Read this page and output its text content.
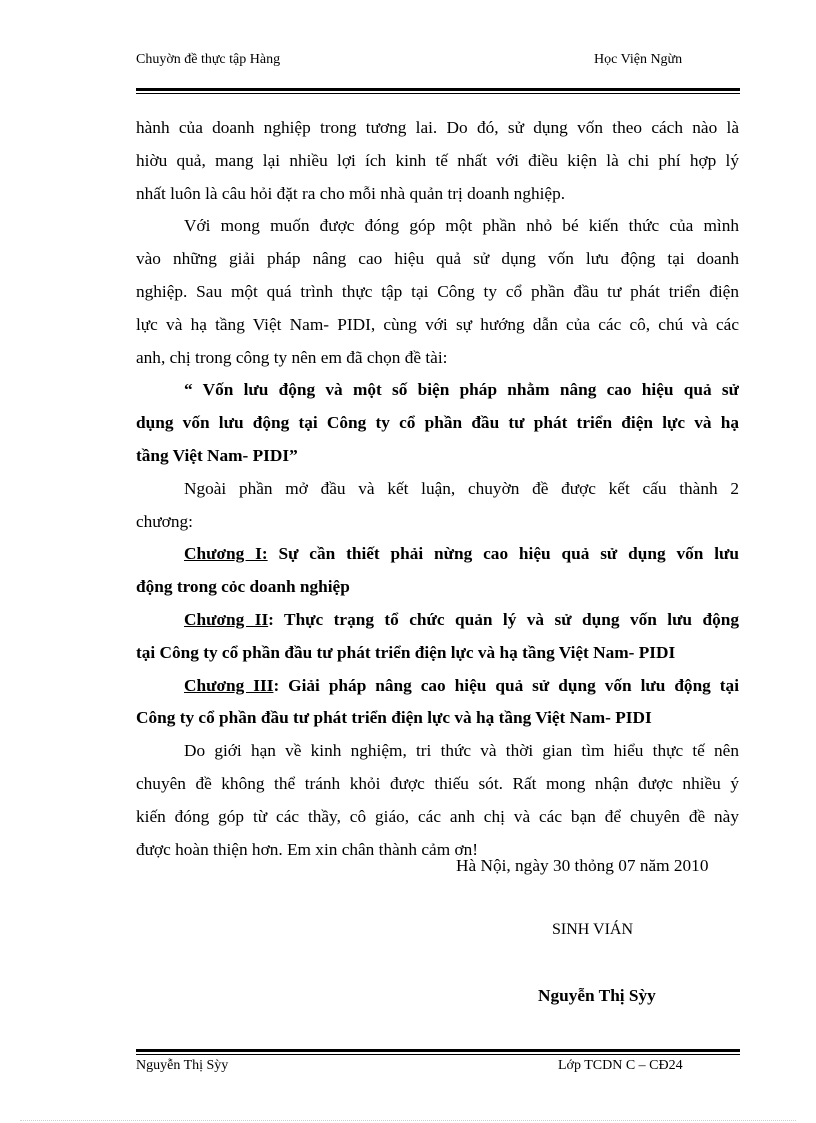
Chuyờn đề thực tập Hàng	Học Viện Ngừn
hành của doanh nghiệp trong tương lai. Do đó, sử dụng vốn theo cách nào là
hiờu quả, mang lại nhiều lợi ích kinh tế nhất với điều kiện là chi phí hợp lý
nhất luôn là câu hỏi đặt ra cho mỗi nhà quản trị doanh nghiệp.
Với mong muốn được đóng góp một phần nhỏ bé kiến thức của mình
vào những giải pháp nâng cao hiệu quả sử dụng vốn lưu động tại doanh
nghiệp. Sau một quá trình thực tập tại Công ty cổ phần đầu tư phát triển điện
lực và hạ tầng Việt Nam- PIDI, cùng với sự hướng dẫn của các cô, chú và các
anh, chị trong công ty nên em đã chọn đề tài:
“ Vốn lưu động và một số biện pháp nhằm nâng cao hiệu quả sử
dụng vốn lưu động tại Công ty cổ phần đầu tư phát triển điện lực và hạ
tầng Việt Nam- PIDI”
Ngoài phần mở đầu và kết luận, chuyờn đề được kết cấu thành 2
chương:
Chương I: Sự cần thiết phải nừng cao hiệu quả sử dụng vốn lưu
động trong cỏc doanh nghiệp
Chương II: Thực trạng tổ chức quản lý và sử dụng vốn lưu động
tại Công ty cổ phần đầu tư phát triển điện lực và hạ tầng Việt Nam- PIDI
Chương III: Giải pháp nâng cao hiệu quả sử dụng vốn lưu động tại
Công ty cổ phần đầu tư phát triển điện lực và hạ tầng Việt Nam- PIDI
Do giới hạn về kinh nghiệm, tri thức và thời gian tìm hiểu thực tế nên
chuyên đề không thể tránh khỏi được thiếu sót. Rất mong nhận được nhiều ý
kiến đóng góp từ các thầy, cô giáo, các anh chị và các bạn để chuyên đề này
được hoàn thiện hơn. Em xin chân thành cảm ơn!
Hà Nội, ngày 30 thỏng 07 năm 2010
SINH VIÁN
Nguyễn Thị Sỳy
Nguyễn Thị Sỳy	Lớp TCDN C – CĐ24
